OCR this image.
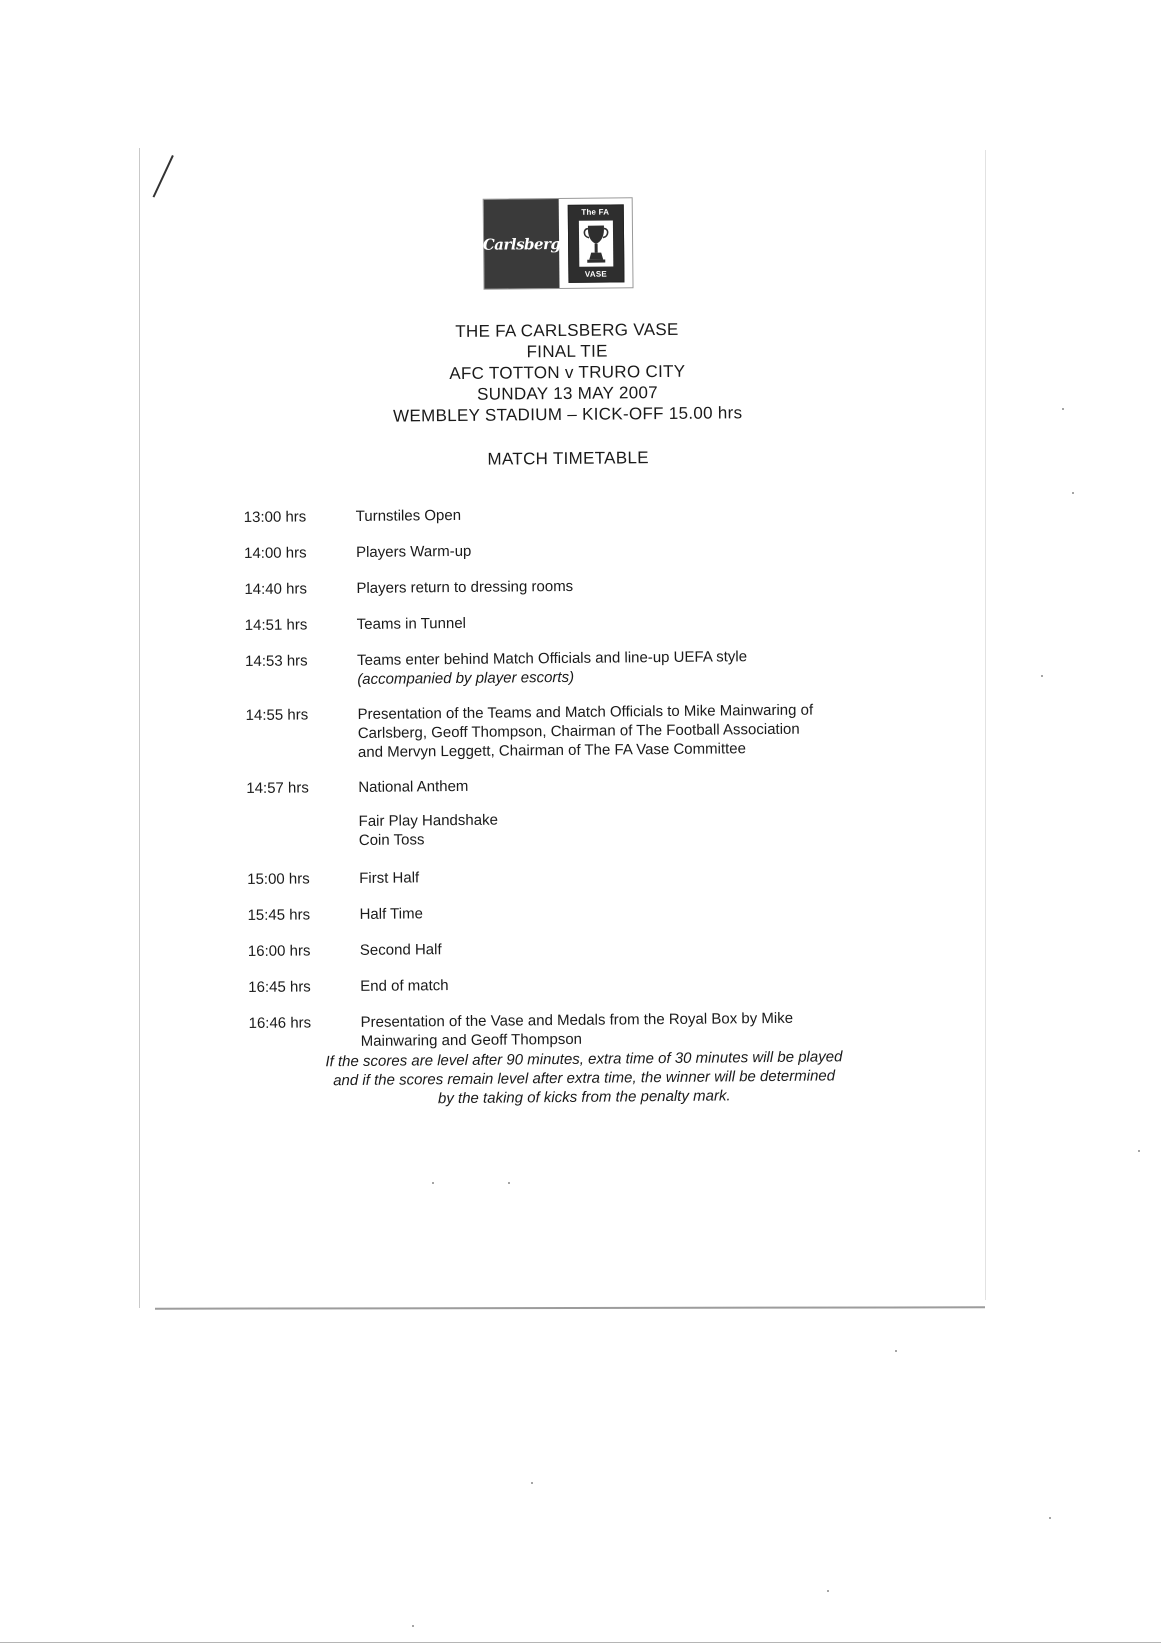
Carlsberg
The FA
VASE
THE FA CARLSBERG VASE
FINAL TIE
AFC TOTTON v TRURO CITY
SUNDAY 13 MAY 2007
WEMBLEY STADIUM – KICK-OFF 15.00 hrs
MATCH TIMETABLE
13:00 hrs	Turnstiles Open
14:00 hrs	Players Warm-up
14:40 hrs	Players return to dressing rooms
14:51 hrs	Teams in Tunnel
14:53 hrs	Teams enter behind Match Officials and line-up UEFA style
(accompanied by player escorts)
14:55 hrs	Presentation of the Teams and Match Officials to Mike Mainwaring of
Carlsberg, Geoff Thompson, Chairman of The Football Association
and Mervyn Leggett, Chairman of The FA Vase Committee
14:57 hrs	National Anthem
Fair Play Handshake
Coin Toss
15:00 hrs	First Half
15:45 hrs	Half Time
16:00 hrs	Second Half
16:45 hrs	End of match
16:46 hrs	Presentation of the Vase and Medals from the Royal Box by Mike
Mainwaring and Geoff Thompson
If the scores are level after 90 minutes, extra time of 30 minutes will be played
and if the scores remain level after extra time, the winner will be determined
by the taking of kicks from the penalty mark.
